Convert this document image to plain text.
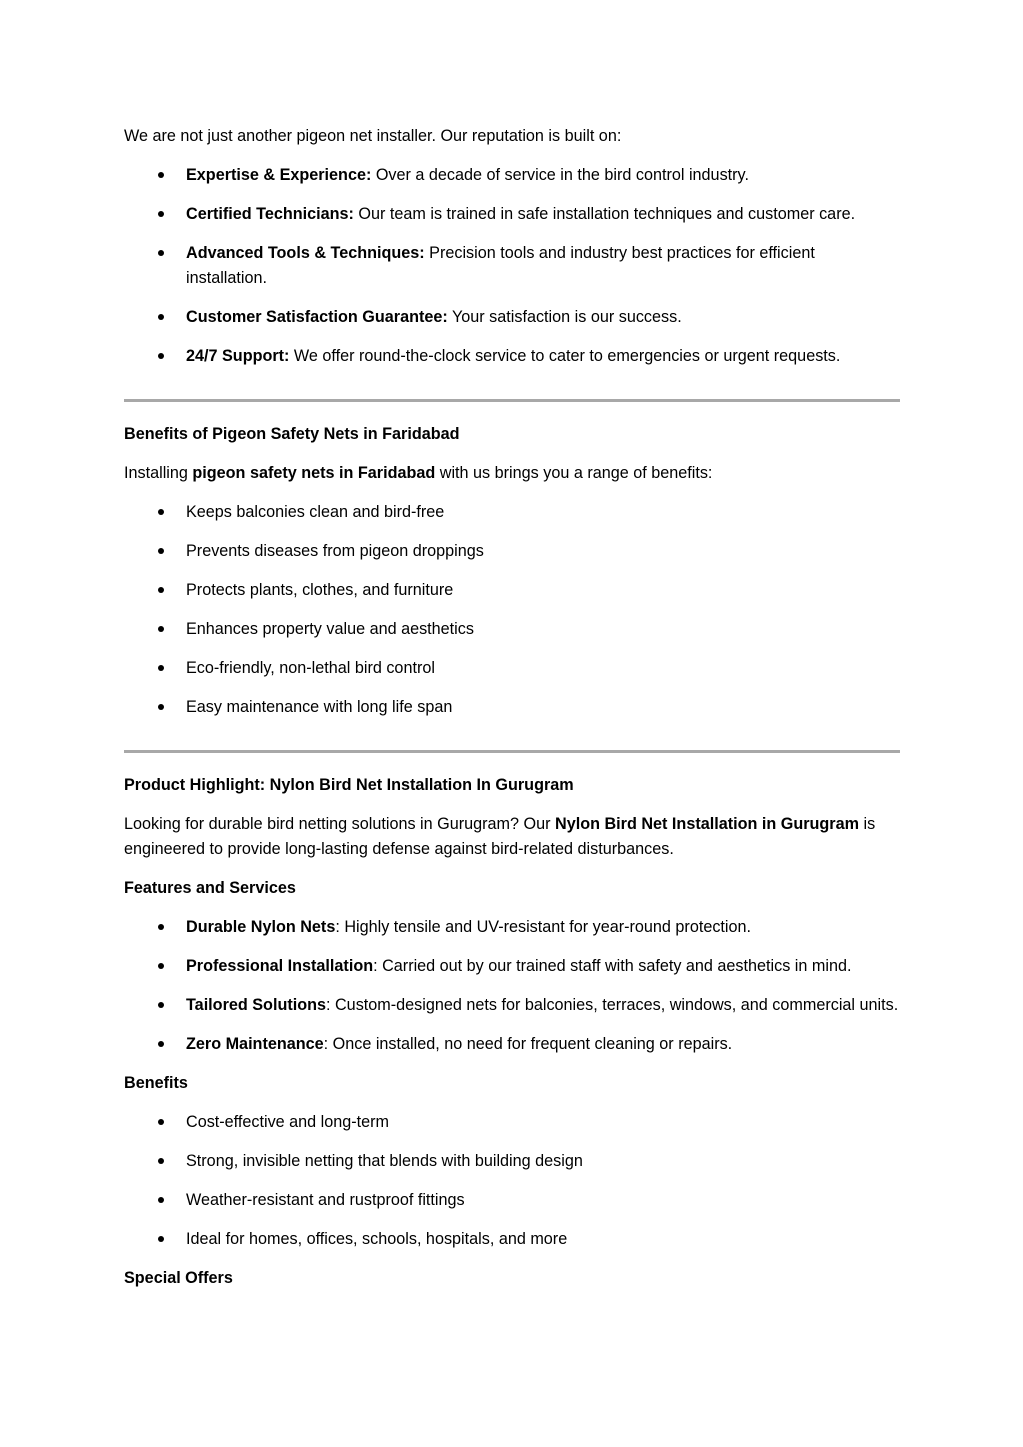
We are not just another pigeon net installer. Our reputation is built on:

Expertise & Experience: Over a decade of service in the bird control industry.
Certified Technicians: Our team is trained in safe installation techniques and customer care.
Advanced Tools & Techniques: Precision tools and industry best practices for efficient installation.
Customer Satisfaction Guarantee: Your satisfaction is our success.
24/7 Support: We offer round-the-clock service to cater to emergencies or urgent requests.

Benefits of Pigeon Safety Nets in Faridabad

Installing pigeon safety nets in Faridabad with us brings you a range of benefits:

Keeps balconies clean and bird-free
Prevents diseases from pigeon droppings
Protects plants, clothes, and furniture
Enhances property value and aesthetics
Eco-friendly, non-lethal bird control
Easy maintenance with long life span

Product Highlight: Nylon Bird Net Installation In Gurugram

Looking for durable bird netting solutions in Gurugram? Our Nylon Bird Net Installation in Gurugram is engineered to provide long-lasting defense against bird-related disturbances.

Features and Services

Durable Nylon Nets: Highly tensile and UV-resistant for year-round protection.
Professional Installation: Carried out by our trained staff with safety and aesthetics in mind.
Tailored Solutions: Custom-designed nets for balconies, terraces, windows, and commercial units.
Zero Maintenance: Once installed, no need for frequent cleaning or repairs.

Benefits

Cost-effective and long-term
Strong, invisible netting that blends with building design
Weather-resistant and rustproof fittings
Ideal for homes, offices, schools, hospitals, and more

Special Offers
